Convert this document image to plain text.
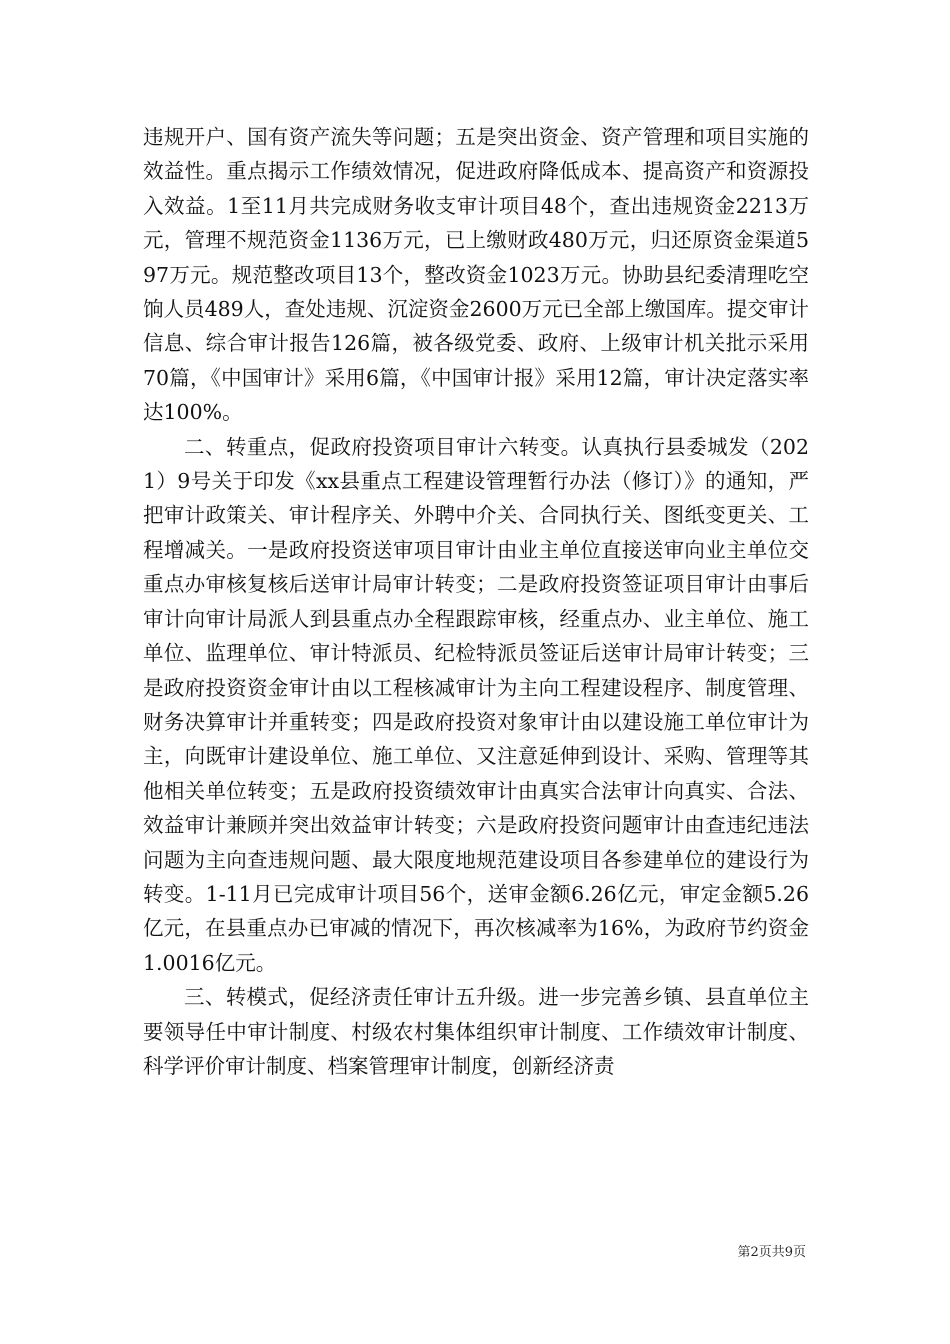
违规开户、国有资产流失等问题；五是突出资金、资产管理和项目实施的效益性。重点揭示工作绩效情况，促进政府降低成本、提高资产和资源投入效益。1至11月共完成财务收支审计项目48个，查出违规资金2213万元，管理不规范资金1136万元，已上缴财政480万元，归还原资金渠道597万元。规范整改项目13个，整改资金1023万元。协助县纪委清理吃空饷人员489人，查处违规、沉淀资金2600万元已全部上缴国库。提交审计信息、综合审计报告126篇，被各级党委、政府、上级审计机关批示采用70篇，《中国审计》采用6篇，《中国审计报》采用12篇，审计决定落实率达100%。

二、转重点，促政府投资项目审计六转变。认真执行县委城发（2021）9号关于印发《xx县重点工程建设管理暂行办法（修订）》的通知，严把审计政策关、审计程序关、外聘中介关、合同执行关、图纸变更关、工程增减关。一是政府投资送审项目审计由业主单位直接送审向业主单位交重点办审核复核后送审计局审计转变；二是政府投资签证项目审计由事后审计向审计局派人到县重点办全程跟踪审核，经重点办、业主单位、施工单位、监理单位、审计特派员、纪检特派员签证后送审计局审计转变；三是政府投资资金审计由以工程核减审计为主向工程建设程序、制度管理、财务决算审计并重转变；四是政府投资对象审计由以建设施工单位审计为主，向既审计建设单位、施工单位、又注意延伸到设计、采购、管理等其他相关单位转变；五是政府投资绩效审计由真实合法审计向真实、合法、效益审计兼顾并突出效益审计转变；六是政府投资问题审计由查违纪违法问题为主向查违规问题、最大限度地规范建设项目各参建单位的建设行为转变。1-11月已完成审计项目56个，送审金额6.26亿元，审定金额5.26亿元，在县重点办已审减的情况下，再次核减率为16%，为政府节约资金1.0016亿元。

三、转模式，促经济责任审计五升级。进一步完善乡镇、县直单位主要领导任中审计制度、村级农村集体组织审计制度、工作绩效审计制度、科学评价审计制度、档案管理审计制度，创新经济责

第2页共9页
